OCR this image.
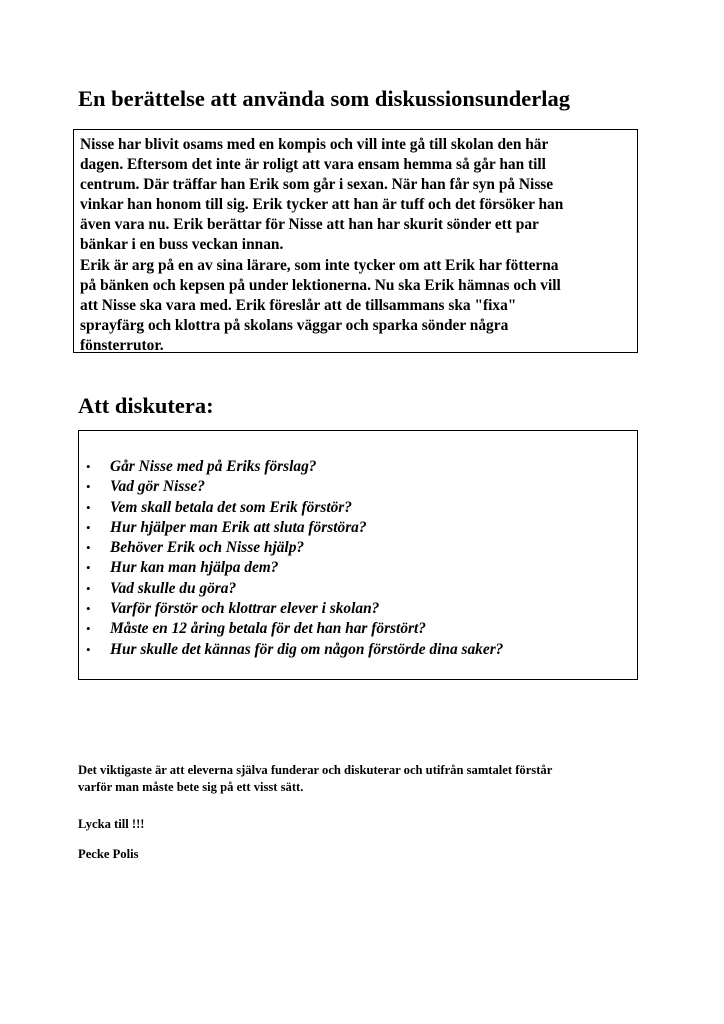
En berättelse att använda som diskussionsunderlag

Nisse har blivit osams med en kompis och vill inte gå till skolan den här
dagen. Eftersom det inte är roligt att vara ensam hemma så går han till
centrum. Där träffar han Erik som går i sexan. När han får syn på Nisse
vinkar han honom till sig. Erik tycker att han är tuff och det försöker han
även vara nu. Erik berättar för Nisse att han har skurit sönder ett par
bänkar i en buss veckan innan.

Erik är arg på en av sina lärare, som inte tycker om att Erik har fötterna
på bänken och kepsen på under lektionerna. Nu ska Erik hämnas och vill
att Nisse ska vara med. Erik föreslår att de tillsammans ska "fixa"
sprayfärg och klottra på skolans väggar och sparka sönder några
fönsterrutor.

Att diskutera:
• Går Nisse med på Eriks förslag?
• Vad gör Nisse?
• Vem skall betala det som Erik förstör?
• Hur hjälper man Erik att sluta förstöra?
• Behöver Erik och Nisse hjälp?
• Hur kan man hjälpa dem?
• Vad skulle du göra?
• Varför förstör och klottrar elever i skolan?
• Måste en 12 åring betala för det han har förstört?
• Hur skulle det kännas för dig om någon förstörde dina saker?

Det viktigaste är att eleverna själva funderar och diskuterar och utifrån samtalet förstår
varför man måste bete sig på ett visst sätt.

Lycka till !!!

Pecke Polis
